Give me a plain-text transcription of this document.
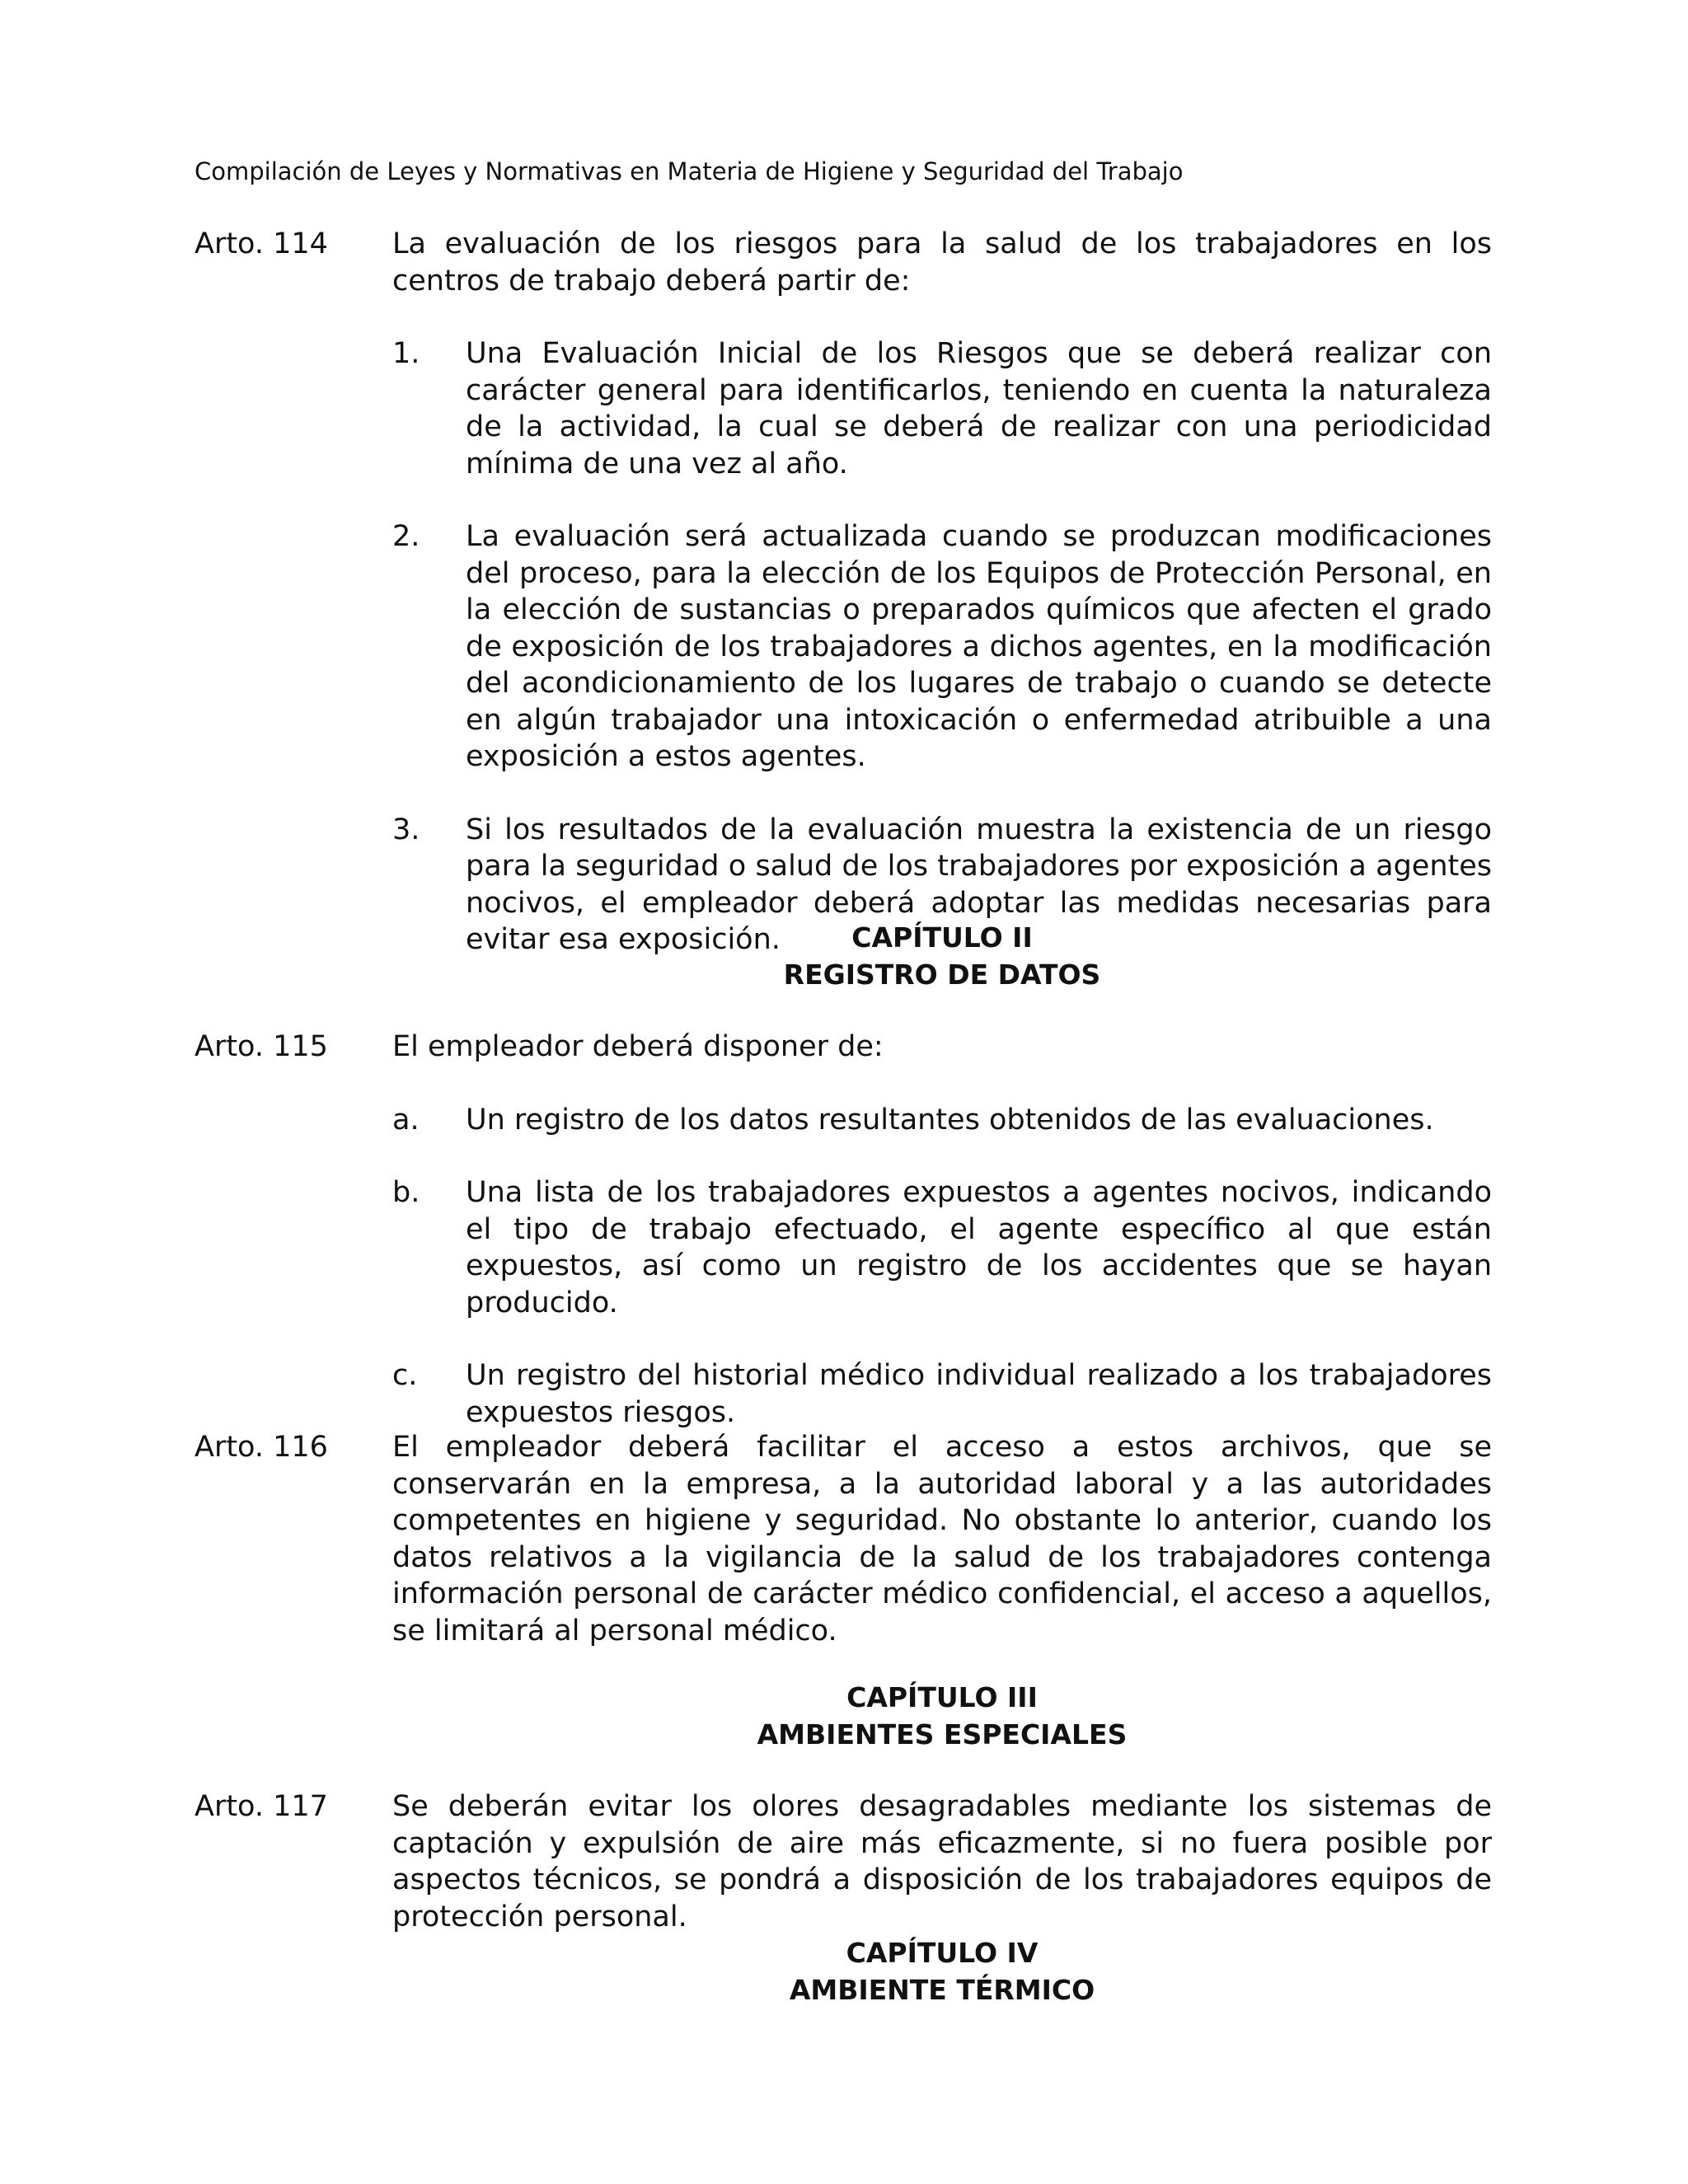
Compilación de Leyes y Normativas en Materia de Higiene y Seguridad del Trabajo
Arto. 114 La evaluación de los riesgos para la salud de los trabajadores en los centros de trabajo deberá partir de:
1. Una Evaluación Inicial de los Riesgos que se deberá realizar con carácter general para identificarlos, teniendo en cuenta la naturaleza de la actividad, la cual se deberá de realizar con una periodicidad mínima de una vez al año.
2. La evaluación será actualizada cuando se produzcan modificaciones del proceso, para la elección de los Equipos de Protección Personal, en la elección de sustancias o preparados químicos que afecten el grado de exposición de los trabajadores a dichos agentes, en la modificación del acondicionamiento de los lugares de trabajo o cuando se detecte en algún trabajador una intoxicación o enfermedad atribuible a una exposición a estos agentes.
3. Si los resultados de la evaluación muestra la existencia de un riesgo para la seguridad o salud de los trabajadores por exposición a agentes nocivos, el empleador deberá adoptar las medidas necesarias para evitar esa exposición.	CAPÍTULO II
REGISTRO DE DATOS
Arto. 115 El empleador deberá disponer de:
a. Un registro de los datos resultantes obtenidos de las evaluaciones.
b. Una lista de los trabajadores expuestos a agentes nocivos, indicando el tipo de trabajo efectuado, el agente específico al que están expuestos, así como un registro de los accidentes que se hayan producido.
c. Un registro del historial médico individual realizado a los trabajadores expuestos riesgos.
Arto. 116 El empleador deberá facilitar el acceso a estos archivos, que se conservarán en la empresa, a la autoridad laboral y a las autoridades competentes en higiene y seguridad. No obstante lo anterior, cuando los datos relativos a la vigilancia de la salud de los trabajadores contenga información personal de carácter médico confidencial, el acceso a aquellos, se limitará al personal médico.
CAPÍTULO III
AMBIENTES ESPECIALES
Arto. 117 Se deberán evitar los olores desagradables mediante los sistemas de captación y expulsión de aire más eficazmente, si no fuera posible por aspectos técnicos, se pondrá a disposición de los trabajadores equipos de protección personal.
CAPÍTULO IV
AMBIENTE TÉRMICO
